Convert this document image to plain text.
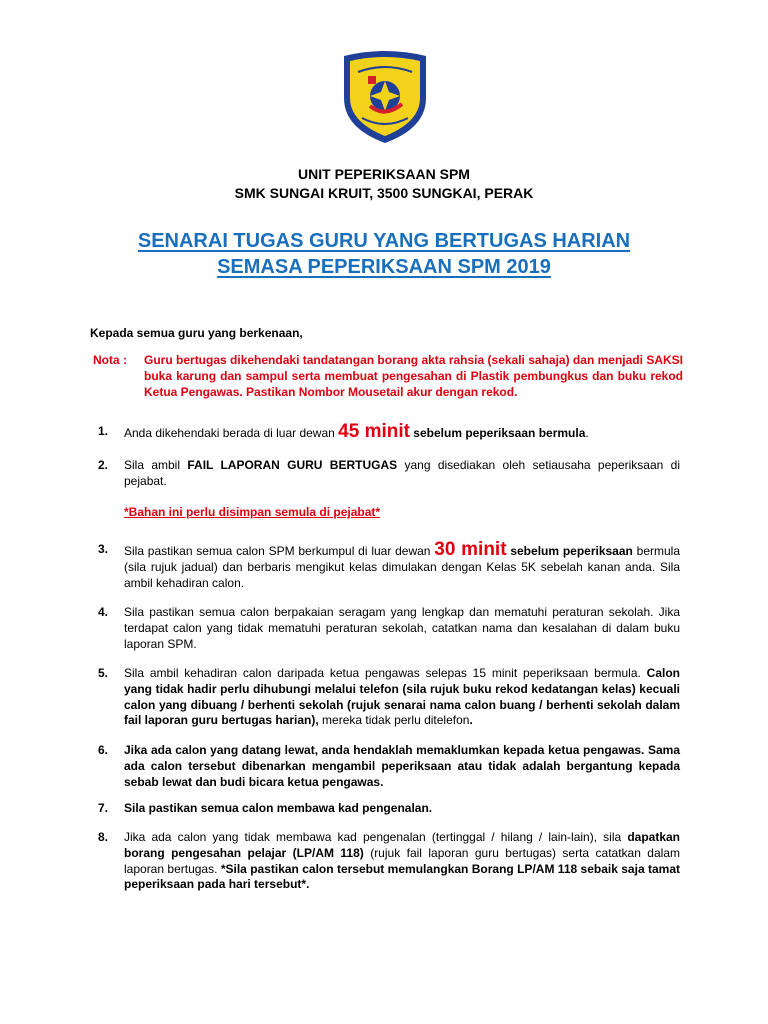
UNIT PEPERIKSAAN SPM
SMK SUNGAI KRUIT, 3500 SUNGKAI, PERAK
SENARAI TUGAS GURU YANG BERTUGAS HARIAN
SEMASA PEPERIKSAAN SPM 2019
Kepada semua guru yang berkenaan,
Nota : Guru bertugas dikehendaki tandatangan borang akta rahsia (sekali sahaja) dan menjadi SAKSI buka karung dan sampul serta membuat pengesahan di Plastik pembungkus dan buku rekod Ketua Pengawas. Pastikan Nombor Mousetail akur dengan rekod.
1. Anda dikehendaki berada di luar dewan 45 minit sebelum peperiksaan bermula.
2. Sila ambil FAIL LAPORAN GURU BERTUGAS yang disediakan oleh setiausaha peperiksaan di pejabat.
*Bahan ini perlu disimpan semula di pejabat*
3. Sila pastikan semua calon SPM berkumpul di luar dewan 30 minit sebelum peperiksaan bermula (sila rujuk jadual) dan berbaris mengikut kelas dimulakan dengan Kelas 5K sebelah kanan anda. Sila ambil kehadiran calon.
4. Sila pastikan semua calon berpakaian seragam yang lengkap dan mematuhi peraturan sekolah. Jika terdapat calon yang tidak mematuhi peraturan sekolah, catatkan nama dan kesalahan di dalam buku laporan SPM.
5. Sila ambil kehadiran calon daripada ketua pengawas selepas 15 minit peperiksaan bermula. Calon yang tidak hadir perlu dihubungi melalui telefon (sila rujuk buku rekod kedatangan kelas) kecuali calon yang dibuang / berhenti sekolah (rujuk senarai nama calon buang / berhenti sekolah dalam fail laporan guru bertugas harian), mereka tidak perlu ditelefon.
6. Jika ada calon yang datang lewat, anda hendaklah memaklumkan kepada ketua pengawas. Sama ada calon tersebut dibenarkan mengambil peperiksaan atau tidak adalah bergantung kepada sebab lewat dan budi bicara ketua pengawas.
7. Sila pastikan semua calon membawa kad pengenalan.
8. Jika ada calon yang tidak membawa kad pengenalan (tertinggal / hilang / lain-lain), sila dapatkan borang pengesahan pelajar (LP/AM 118) (rujuk fail laporan guru bertugas) serta catatkan dalam laporan bertugas. *Sila pastikan calon tersebut memulangkan Borang LP/AM 118 sebaik saja tamat peperiksaan pada hari tersebut*.
